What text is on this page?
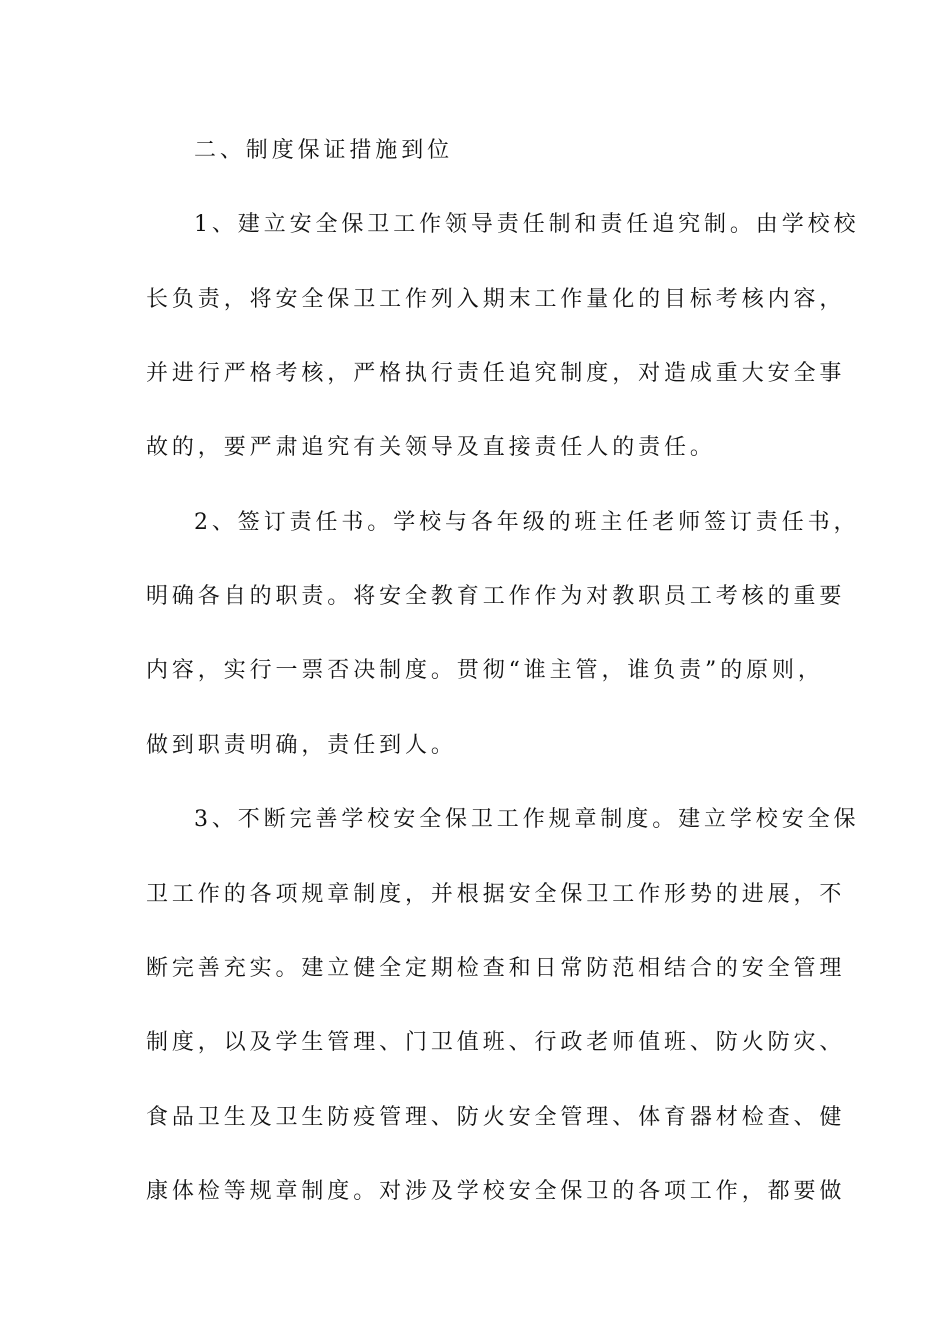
二、制度保证措施到位
1、建立安全保卫工作领导责任制和责任追究制。由学校校
长负责，将安全保卫工作列入期末工作量化的目标考核内容，
并进行严格考核，严格执行责任追究制度，对造成重大安全事
故的，要严肃追究有关领导及直接责任人的责任。
2、签订责任书。学校与各年级的班主任老师签订责任书，
明确各自的职责。将安全教育工作作为对教职员工考核的重要
内容，实行一票否决制度。贯彻“谁主管，谁负责”的原则，
做到职责明确，责任到人。
3、不断完善学校安全保卫工作规章制度。建立学校安全保
卫工作的各项规章制度，并根据安全保卫工作形势的进展，不
断完善充实。建立健全定期检查和日常防范相结合的安全管理
制度，以及学生管理、门卫值班、行政老师值班、防火防灾、
食品卫生及卫生防疫管理、防火安全管理、体育器材检查、健
康体检等规章制度。对涉及学校安全保卫的各项工作，都要做
